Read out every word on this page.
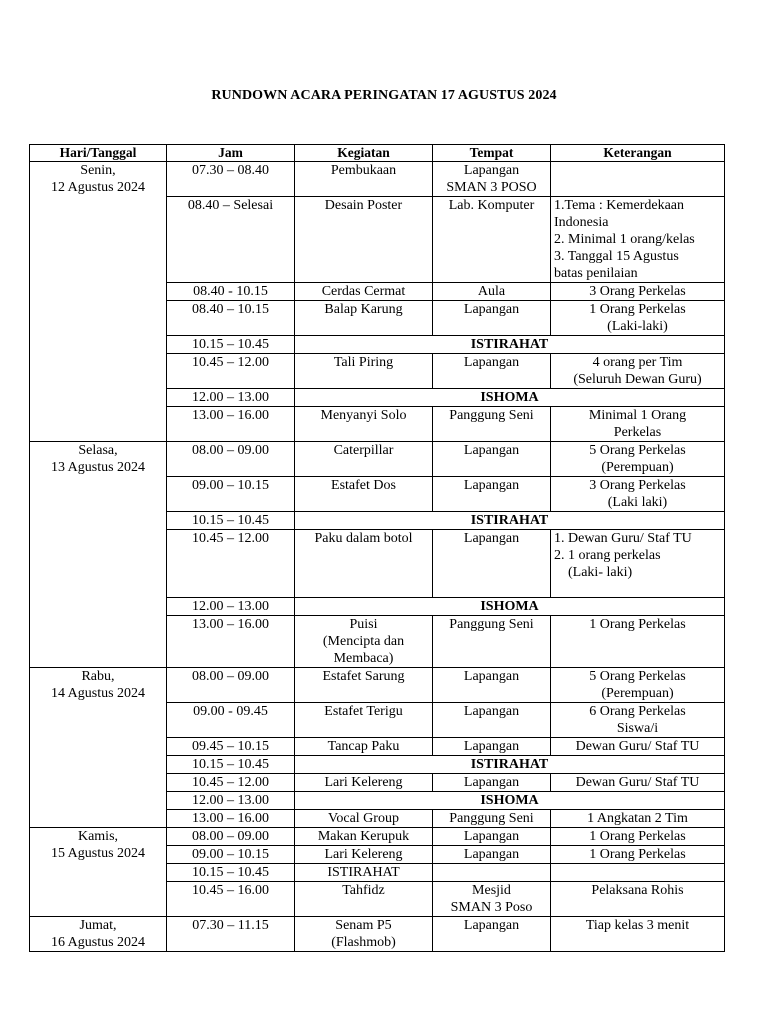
RUNDOWN ACARA PERINGATAN 17 AGUSTUS 2024
Hari/Tanggal	Jam	Kegiatan	Tempat	Keterangan

Senin,
12 Agustus 2024	07.30 – 08.40	Pembukaan	Lapangan
SMAN 3 POSO	

	08.40 – Selesai	Desain Poster	Lab. Komputer	1.Tema : Kemerdekaan
Indonesia
2. Minimal 1 orang/kelas
3. Tanggal 15 Agustus
batas penilaian

	08.40 - 10.15	Cerdas Cermat	Aula	3 Orang Perkelas

	08.40 – 10.15	Balap Karung	Lapangan	1 Orang Perkelas
(Laki-laki)

	10.15 – 10.45	ISTIRAHAT		
	10.45 – 12.00	Tali Piring	Lapangan	4 orang per Tim
(Seluruh Dewan Guru)

	12.00 – 13.00	ISHOMA		
	13.00 – 16.00	Menyanyi Solo	Panggung Seni	Minimal 1 Orang
Perkelas

Selasa,
13 Agustus 2024	08.00 – 09.00	Caterpillar	Lapangan	5 Orang Perkelas
(Perempuan)

	09.00 – 10.15	Estafet Dos	Lapangan	3 Orang Perkelas
(Laki laki)

	10.15 – 10.45	ISTIRAHAT		
	10.45 – 12.00	Paku dalam botol	Lapangan	1. Dewan Guru/ Staf TU
2. 1 orang perkelas
(Laki- laki)

	12.00 – 13.00	ISHOMA		
	13.00 – 16.00	Puisi
(Mencipta dan
Membaca)	Panggung Seni	1 Orang Perkelas

Rabu,
14 Agustus 2024	08.00 – 09.00	Estafet Sarung	Lapangan	5 Orang Perkelas
(Perempuan)

	09.00 - 09.45	Estafet Terigu	Lapangan	6 Orang Perkelas
Siswa/i

	09.45 – 10.15	Tancap Paku	Lapangan	Dewan Guru/ Staf TU

	10.15 – 10.45	ISTIRAHAT		
	10.45 – 12.00	Lari Kelereng	Lapangan	Dewan Guru/ Staf TU

	12.00 – 13.00	ISHOMA		
	13.00 – 16.00	Vocal Group	Panggung Seni	1 Angkatan 2 Tim

Kamis,
15 Agustus 2024	08.00 – 09.00	Makan Kerupuk	Lapangan	1 Orang Perkelas

	09.00 – 10.15	Lari Kelereng	Lapangan	1 Orang Perkelas

	10.15 – 10.45	ISTIRAHAT		

	10.45 – 16.00	Tahfidz	Mesjid
SMAN 3 Poso	Pelaksana Rohis

Jumat,
16 Agustus 2024	07.30 – 11.15	Senam P5
(Flashmob)	Lapangan	Tiap kelas 3 menit
